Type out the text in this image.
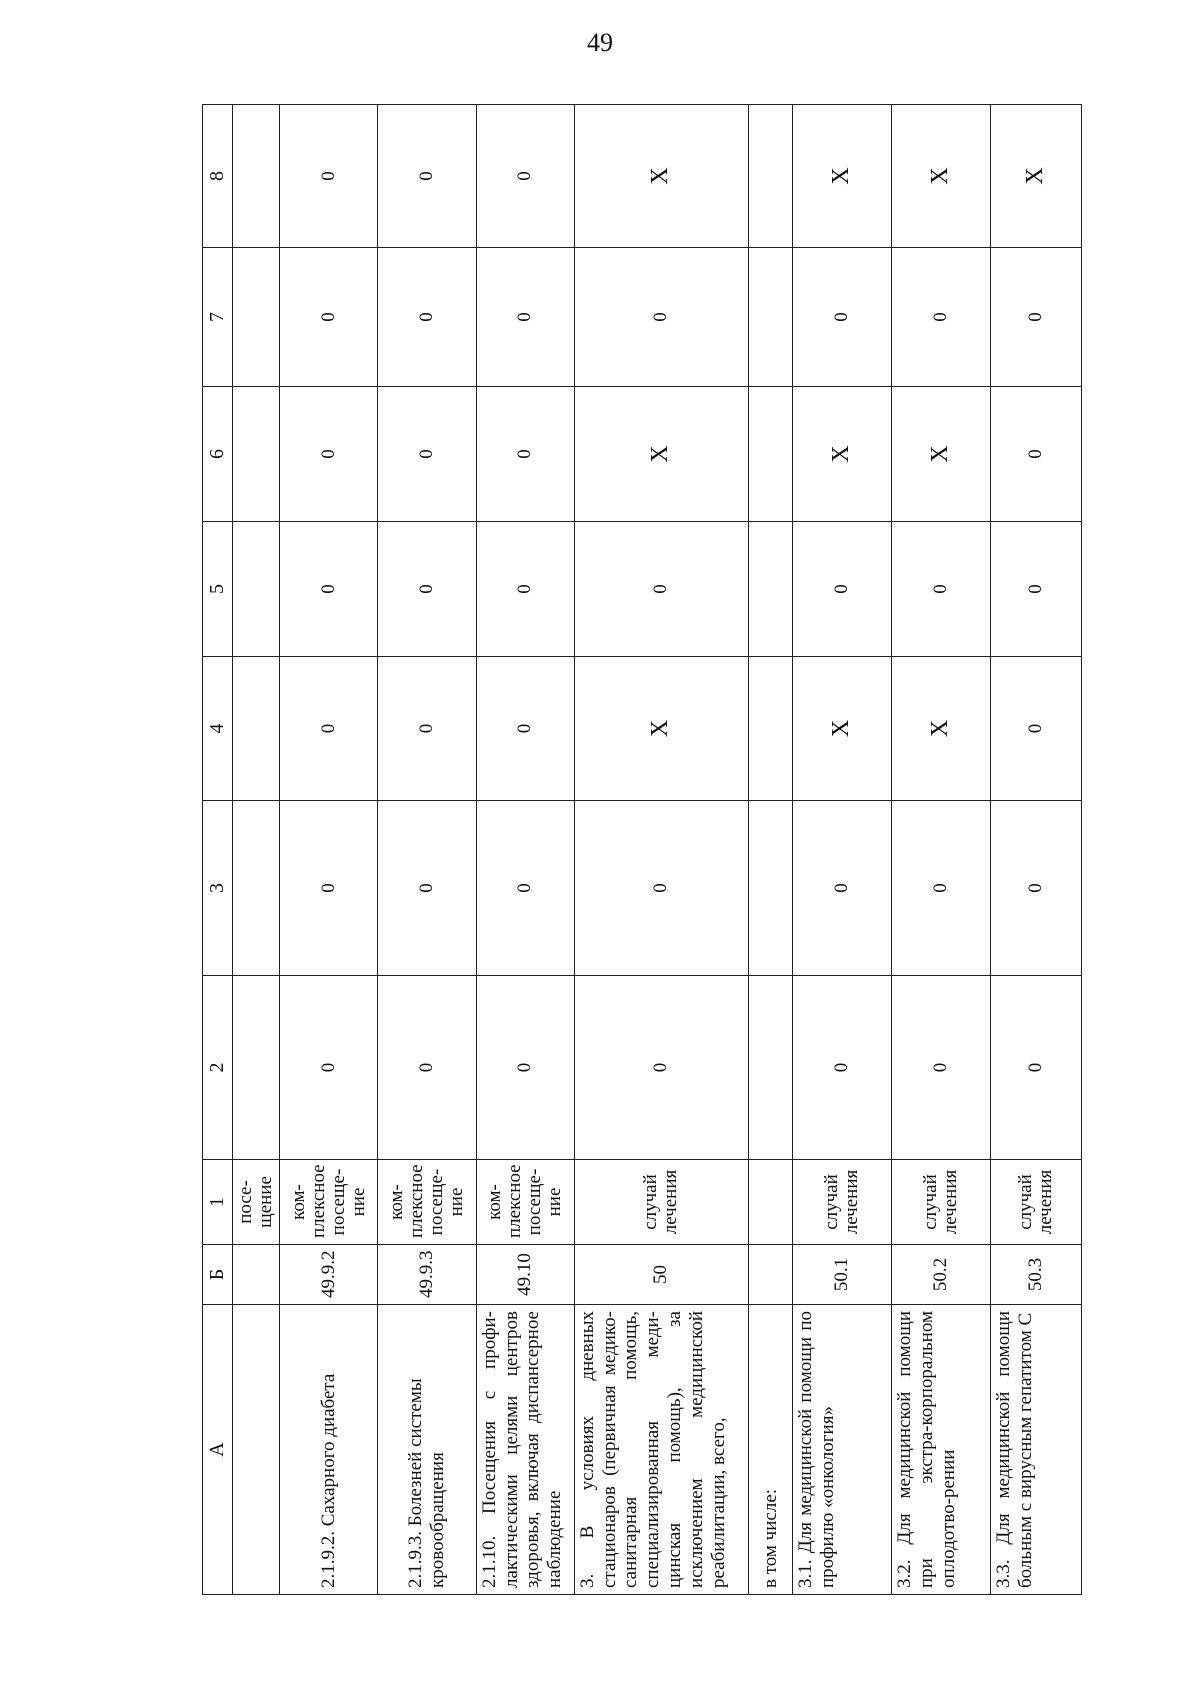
49
А	Б	1	2	3	4	5	6	7	8
		посе-щение							
2.1.9.2. Сахарного диабета	49.9.2	ком-плексное посеще-ние	0	0	0	0	0	0	0
2.1.9.3. Болезней системы кровообращения	49.9.3	ком-плексное посеще-ние	0	0	0	0	0	0	0
2.1.10. Посещения с профи-лактическими целями центров здоровья, включая диспансерное наблюдение	49.10	ком-плексное посеще-ние	0	0	0	0	0	0	0
3. В условиях дневных стационаров (первичная медико-санитарная помощь, специализированная меди-цинская помощь), за исключением медицинской реабилитации, всего,	50	случай лечения	0	0	X	0	X	0	X
в том числе:									
3.1. Для медицинской помощи по профилю «онкология»	50.1	случай лечения	0	0	X	0	X	0	X
3.2. Для медицинской помощи при экстра-корпоральном оплодотво-рении	50.2	случай лечения	0	0	X	0	X	0	X
3.3. Для медицинской помощи больным с вирусным гепатитом С	50.3	случай лечения	0	0	0	0	0	0	X
